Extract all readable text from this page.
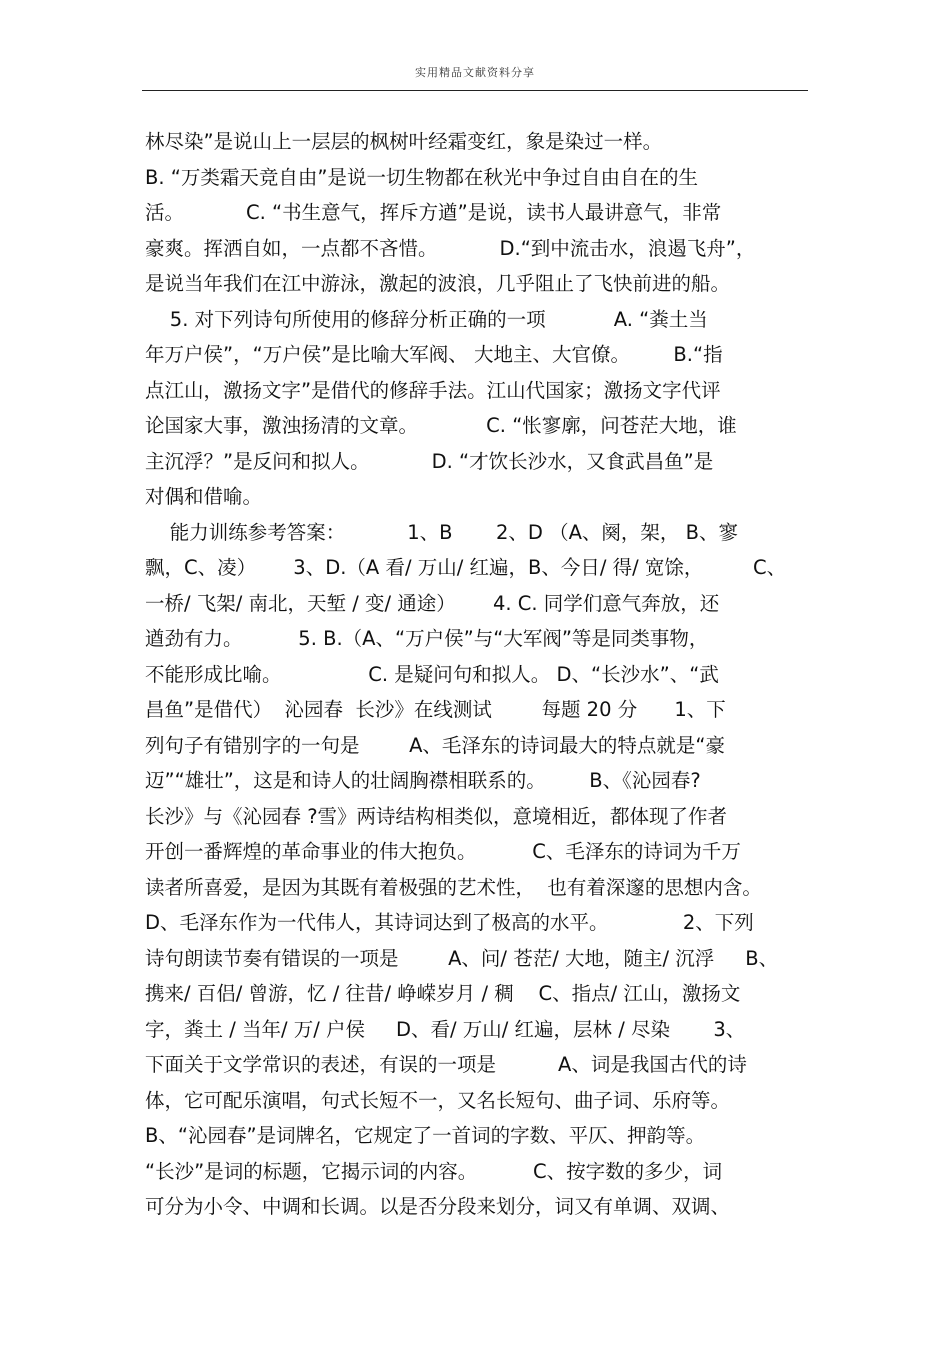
实用精品文献资料分享
林尽染”是说山上一层层的枫树叶经霜变红，象是染过一样。
B. “万类霜天竞自由”是说一切生物都在秋光中争过自由自在的生
活。          C. “书生意气，挥斥方遒”是说，读书人最讲意气，非常
豪爽。挥洒自如，一点都不吝惜。          D.“到中流击水，浪遏飞舟”，
是说当年我们在江中游泳，激起的波浪，几乎阻止了飞快前进的船。
5. 对下列诗句所使用的修辞分析正确的一项           A. “粪土当
年万户侯”，“万户侯”是比喻大军阀、 大地主、大官僚。       B.“指
点江山，激扬文字”是借代的修辞手法。江山代国家；激扬文字代评
论国家大事，激浊扬清的文章。           C. “怅寥廓，问苍茫大地，谁
主沉浮？”是反问和拟人。          D. “才饮长沙水，又食武昌鱼”是
对偶和借喻。
能力训练参考答案：          1、B       2、D （A、阕，架， B、寥
飘，C、凌）      3、D.（A 看/ 万山/ 红遍，B、今日/ 得/ 宽馀，        C、
一桥/ 飞架/ 南北，天堑 / 变/ 通途）      4. C. 同学们意气奔放，还
遒劲有力。         5. B.（A、“万户侯”与“大军阀”等是同类事物，
不能形成比喻。              C. 是疑问句和拟人。 D、“长沙水”、“武
昌鱼”是借代）  沁园春  长沙》在线测试        每题 20 分      1、下
列句子有错别字的一句是        A、毛泽东的诗词最大的特点就是“豪
迈”“雄壮”，这是和诗人的壮阔胸襟相联系的。       B、《沁园春?
长沙》与《沁园春 ?雪》两诗结构相类似，意境相近，都体现了作者
开创一番辉煌的革命事业的伟大抱负。         C、毛泽东的诗词为千万
读者所喜爱，是因为其既有着极强的艺术性，  也有着深邃的思想内含。
D、毛泽东作为一代伟人，其诗词达到了极高的水平。            2、下列
诗句朗读节奏有错误的一项是        A、问/ 苍茫/ 大地，随主/ 沉浮     B、
携来/ 百侣/ 曾游，忆 / 往昔/ 峥嵘岁月 / 稠    C、指点/ 江山，激扬文
字，粪土 / 当年/ 万/ 户侯     D、看/ 万山/ 红遍，层林 / 尽染       3、
下面关于文学常识的表述，有误的一项是          A、词是我国古代的诗
体，它可配乐演唱，句式长短不一，又名长短句、曲子词、乐府等。
B、“沁园春”是词牌名，它规定了一首词的字数、平仄、押韵等。
“长沙”是词的标题，它揭示词的内容。         C、按字数的多少，词
可分为小令、中调和长调。以是否分段来划分，词又有单调、双调、
